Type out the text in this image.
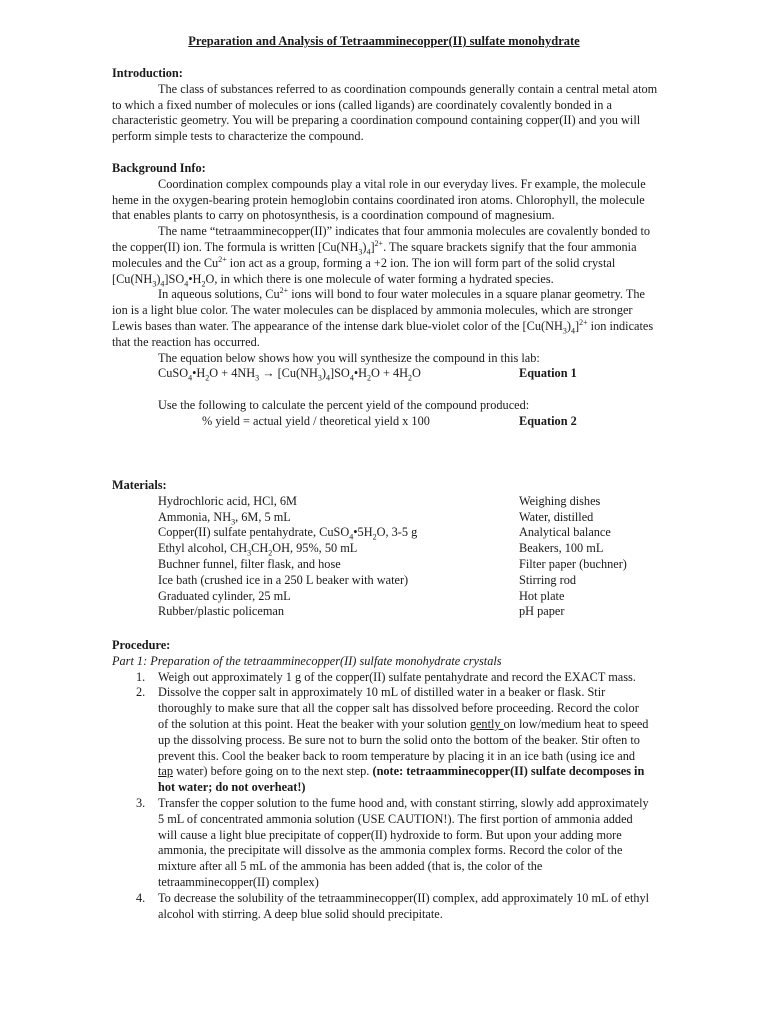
Preparation and Analysis of Tetraamminecopper(II) sulfate monohydrate
Introduction:
The class of substances referred to as coordination compounds generally contain a central metal atom to which a fixed number of molecules or ions (called ligands) are coordinately covalently bonded in a characteristic geometry. You will be preparing a coordination compound containing copper(II) and you will perform simple tests to characterize the compound.
Background Info:
Coordination complex compounds play a vital role in our everyday lives. Fr example, the molecule heme in the oxygen-bearing protein hemoglobin contains coordinated iron atoms. Chlorophyll, the molecule that enables plants to carry on photosynthesis, is a coordination compound of magnesium.
The name “tetraamminecopper(II)” indicates that four ammonia molecules are covalently bonded to the copper(II) ion. The formula is written $[Cu(NH_3)_4]^{2+}$. The square brackets signify that the four ammonia molecules and the $Cu^{2+}$ ion act as a group, forming a +2 ion. The ion will form part of the solid crystal $[Cu(NH_3)_4]SO_4•H_2O$, in which there is one molecule of water forming a hydrated species.
In aqueous solutions, $Cu^{2+}$ ions will bond to four water molecules in a square planar geometry. The ion is a light blue color. The water molecules can be displaced by ammonia molecules, which are stronger Lewis bases than water. The appearance of the intense dark blue-violet color of the $[Cu(NH_3)_4]^{2+}$ ion indicates that the reaction has occurred.
The equation below shows how you will synthesize the compound in this lab:
$CuSO_4•H_2O + 4NH_3$ → $[Cu(NH_3)_4]SO_4•H_2O + 4H_2O$	Equation 1
Use the following to calculate the percent yield of the compound produced:
% yield = actual yield / theoretical yield x 100	Equation 2
Materials:
Hydrochloric acid, HCl, 6M	Weighing dishes
Ammonia, $NH_3$, 6M, 5 mL	Water, distilled
Copper(II) sulfate pentahydrate, $CuSO_4•5H_2O$, 3-5 g	Analytical balance
Ethyl alcohol, $CH_3CH_2OH$, 95%, 50 mL	Beakers, 100 mL
Buchner funnel, filter flask, and hose	Filter paper (buchner)
Ice bath (crushed ice in a 250 L beaker with water)	Stirring rod
Graduated cylinder, 25 mL	Hot plate
Rubber/plastic policeman	pH paper
Procedure:
Part 1: Preparation of the tetraamminecopper(II) sulfate monohydrate crystals
1. Weigh out approximately 1 g of the copper(II) sulfate pentahydrate and record the EXACT mass.
2. Dissolve the copper salt in approximately 10 mL of distilled water in a beaker or flask. Stir thoroughly to make sure that all the copper salt has dissolved before proceeding. Record the color of the solution at this point. Heat the beaker with your solution gently on low/medium heat to speed up the dissolving process. Be sure not to burn the solid onto the bottom of the beaker. Stir often to prevent this. Cool the beaker back to room temperature by placing it in an ice bath (using ice and tap water) before going on to the next step. (note: tetraamminecopper(II) sulfate decomposes in hot water; do not overheat!)
3. Transfer the copper solution to the fume hood and, with constant stirring, slowly add approximately 5 mL of concentrated ammonia solution (USE CAUTION!). The first portion of ammonia added will cause a light blue precipitate of copper(II) hydroxide to form. But upon your adding more ammonia, the precipitate will dissolve as the ammonia complex forms. Record the color of the mixture after all 5 mL of the ammonia has been added (that is, the color of the tetraamminecopper(II) complex)
4. To decrease the solubility of the tetraamminecopper(II) complex, add approximately 10 mL of ethyl alcohol with stirring. A deep blue solid should precipitate.
